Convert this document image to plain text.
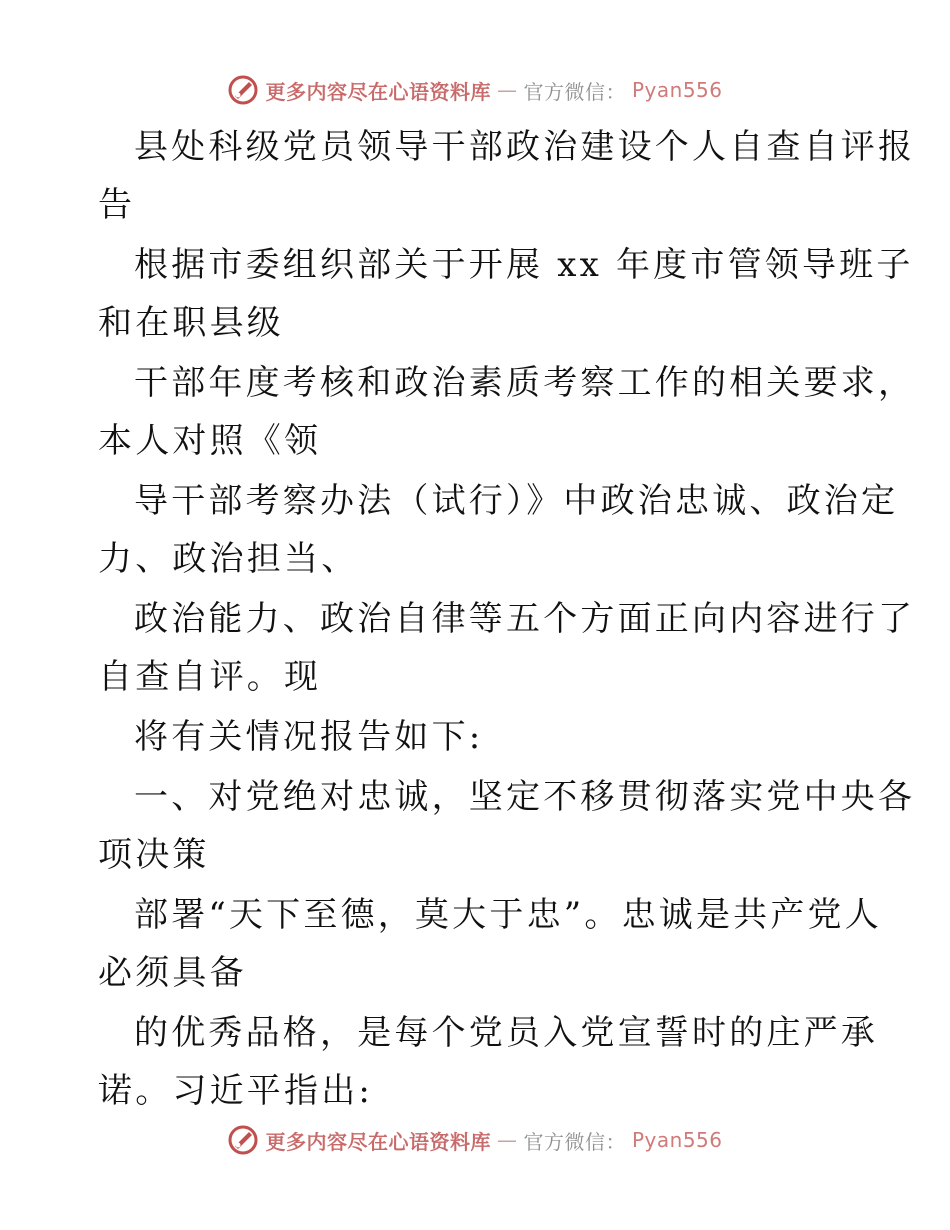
更多内容尽在心语资料库 — 官方微信： Pyan556
县处科级党员领导干部政治建设个人自查自评报
告
根据市委组织部关于开展 xx 年度市管领导班子
和在职县级
干部年度考核和政治素质考察工作的相关要求，
本人对照《领
导干部考察办法（试行）》中政治忠诚、政治定
力、政治担当、
政治能力、政治自律等五个方面正向内容进行了
自查自评。现
将有关情况报告如下:
一、对党绝对忠诚，坚定不移贯彻落实党中央各
项决策
部署“天下至德，莫大于忠”。忠诚是共产党人
必须具备
的优秀品格，是每个党员入党宣誓时的庄严承
诺。习近平指出:
更多内容尽在心语资料库 — 官方微信： Pyan556
